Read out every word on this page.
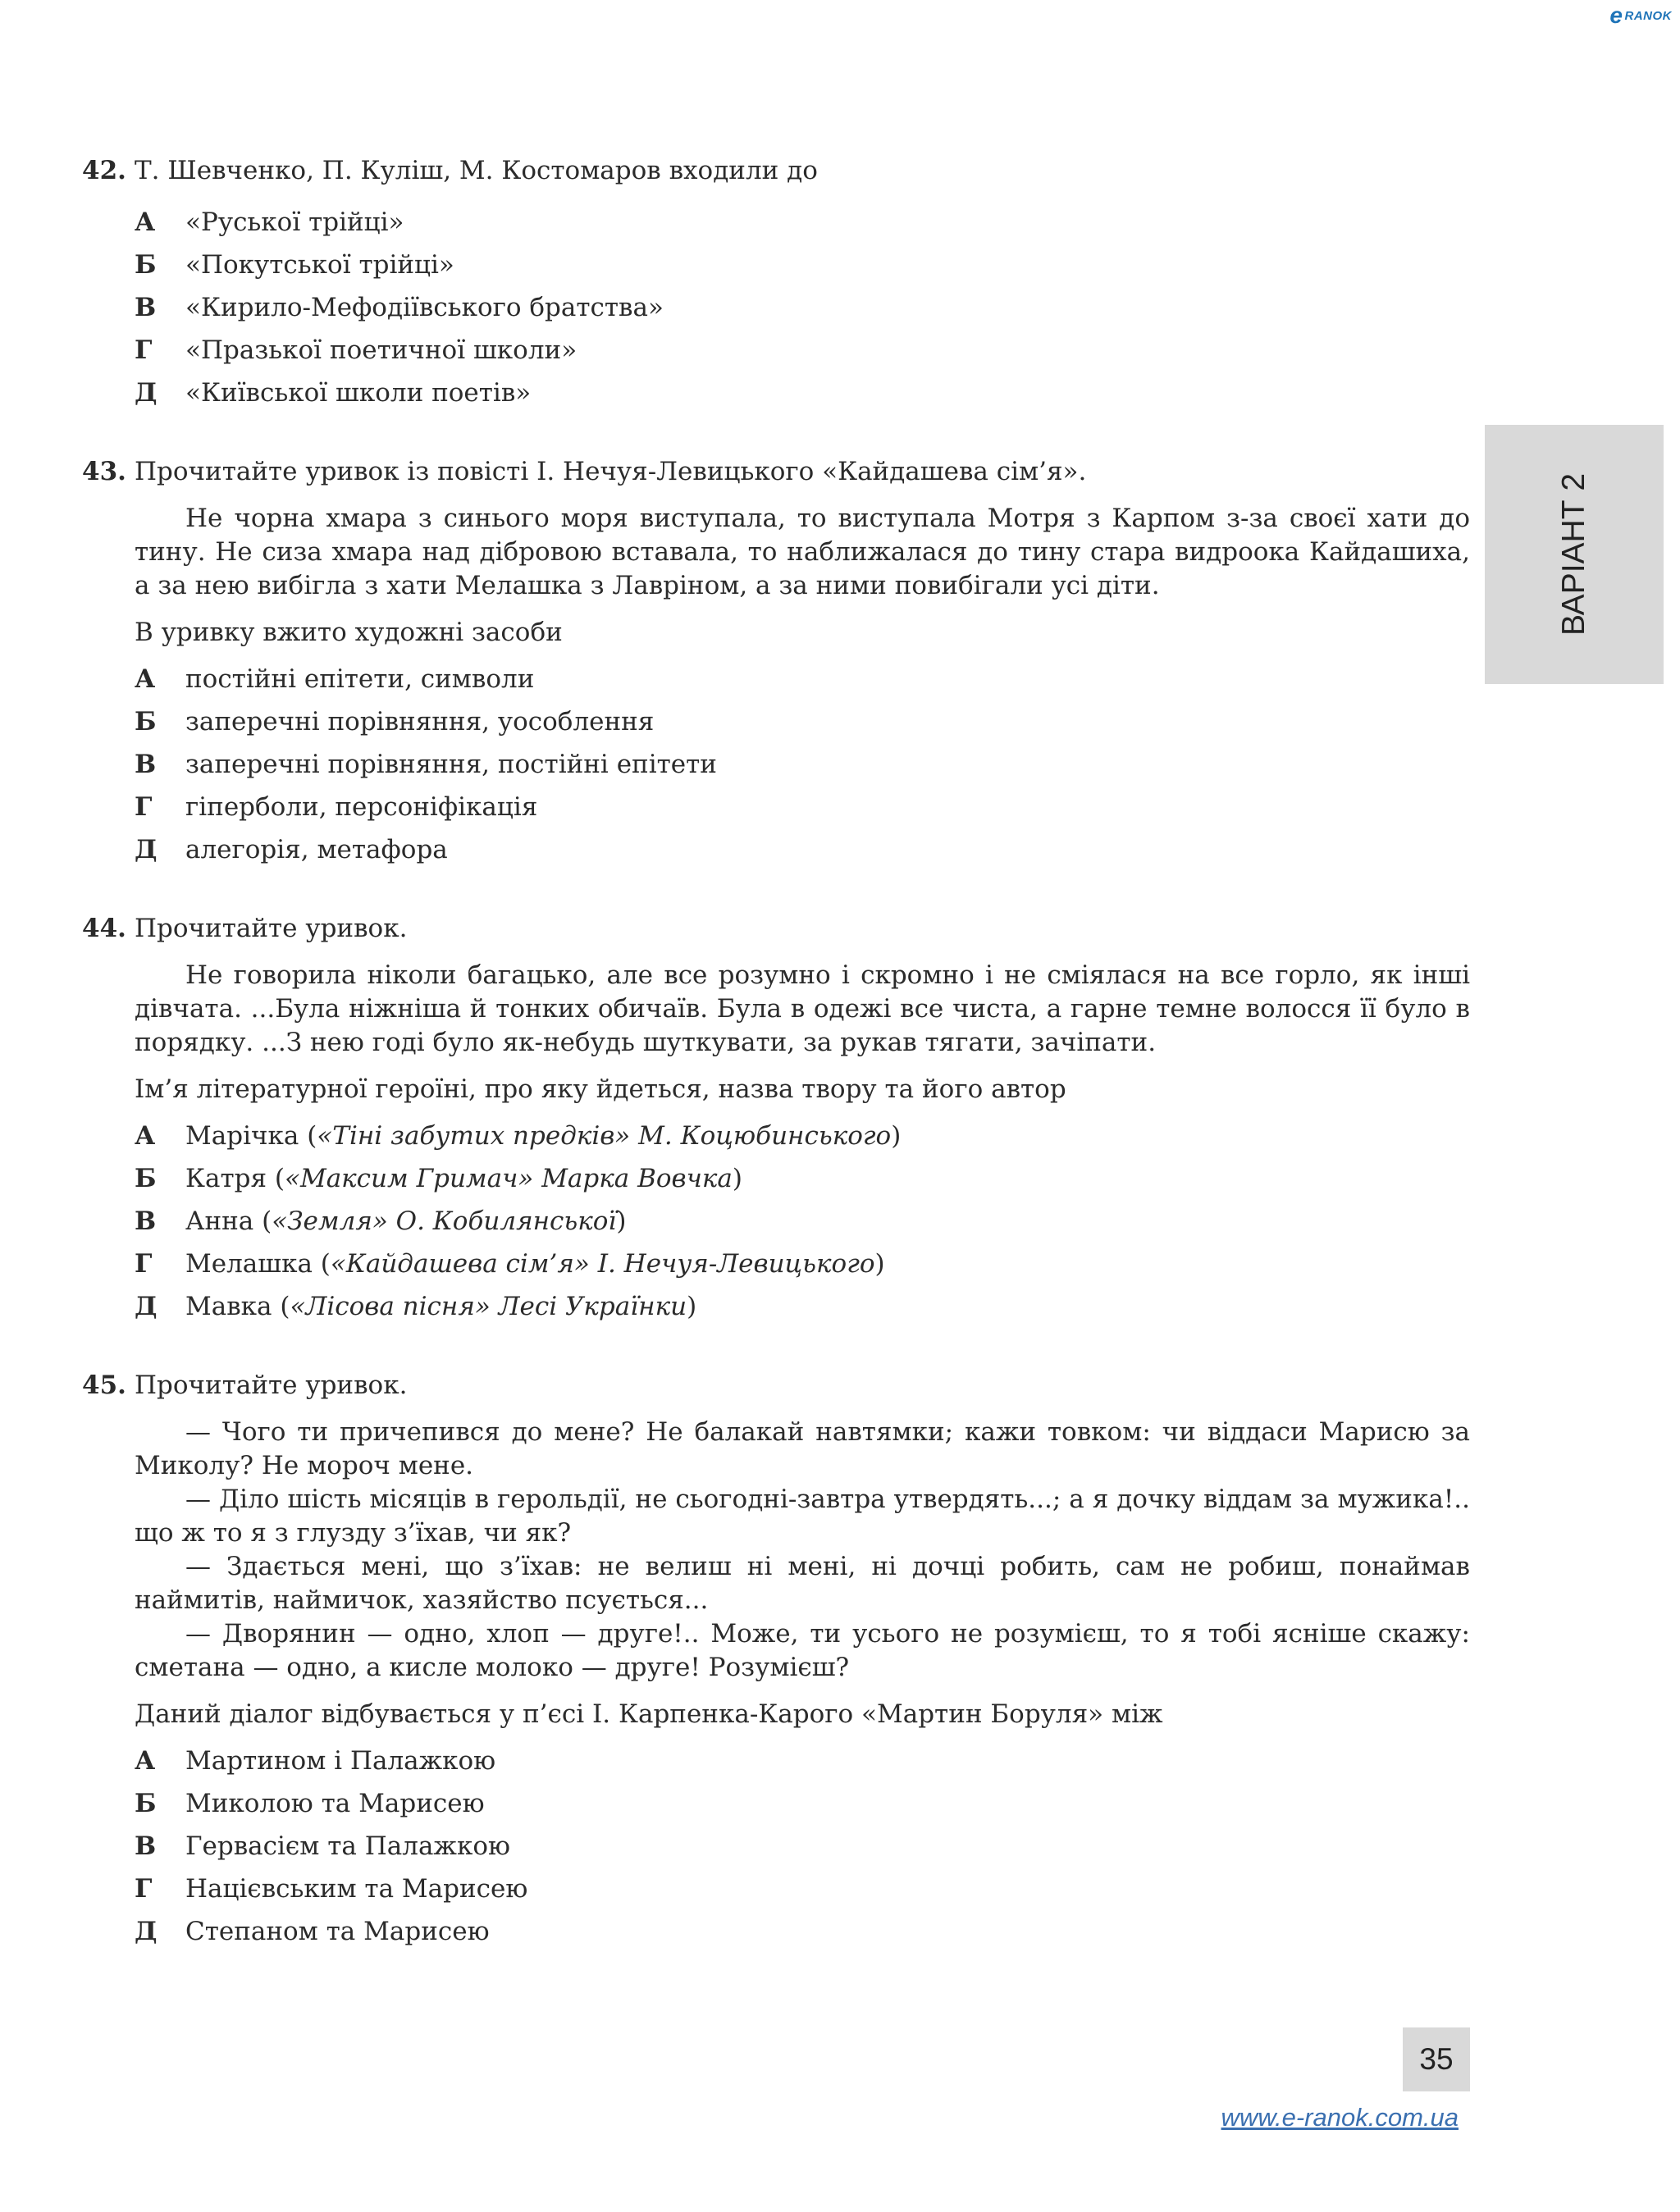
e RANOK
ВАРІАНТ 2
42. Т. Шевченко, П. Куліш, М. Костомаров входили до
А	«Руської трійці»
Б	«Покутської трійці»
В	«Кирило-Мефодіївського братства»
Г	«Празької поетичної школи»
Д	«Київської школи поетів»
43. Прочитайте уривок із повісті І. Нечуя-Левицького «Кайдашева сім’я».

Не чорна хмара з синього моря виступала, то виступала Мотря з Карпом з-за своєї хати до тину. Не сиза хмара над дібровою вставала, то наближалася до тину стара видроока Кайдашиха, а за нею вибігла з хати Мелашка з Лавріном, а за ними повибігали усі діти.

В уривку вжито художні засоби
А	постійні епітети, символи
Б	заперечні порівняння, уособлення
В	заперечні порівняння, постійні епітети
Г	гіперболи, персоніфікація
Д	алегорія, метафора
44. Прочитайте уривок.

Не говорила ніколи багацько, але все розумно і скромно і не сміялася на все горло, як інші дівчата. ...Була ніжніша й тонких обичаїв. Була в одежі все чиста, а гарне темне волосся її було в порядку. ...З нею годі було як-небудь шуткувати, за рукав тягати, зачіпати.

Ім’я літературної героїні, про яку йдеться, назва твору та його автор
А	Марічка («Тіні забутих предків» М. Коцюбинського)
Б	Катря («Максим Гримач» Марка Вовчка)
В	Анна («Земля» О. Кобилянської)
Г	Мелашка («Кайдашева сім’я» І. Нечуя-Левицького)
Д	Мавка («Лісова пісня» Лесі Українки)
45. Прочитайте уривок.

— Чого ти причепився до мене? Не балакай навтямки; кажи товком: чи віддаси Марисю за Миколу? Не мороч мене.

— Діло шість місяців в герольдії, не сьогодні-завтра утвердять...; а я дочку віддам за мужика!.. що ж то я з глузду з’їхав, чи як?

— Здається мені, що з’їхав: не велиш ні мені, ні дочці робить, сам не робиш, понаймав наймитів, наймичок, хазяйство псується...

— Дворянин — одно, хлоп — друге!.. Може, ти усього не розумієш, то я тобі ясніше скажу: сметана — одно, а кисле молоко — друге! Розумієш?

Даний діалог відбувається у п’єсі І. Карпенка-Карого «Мартин Боруля» між
А	Мартином і Палажкою
Б	Миколою та Марисею
В	Гервасієм та Палажкою
Г	Націєвським та Марисею
Д	Степаном та Марисею
35
www.e-ranok.com.ua
